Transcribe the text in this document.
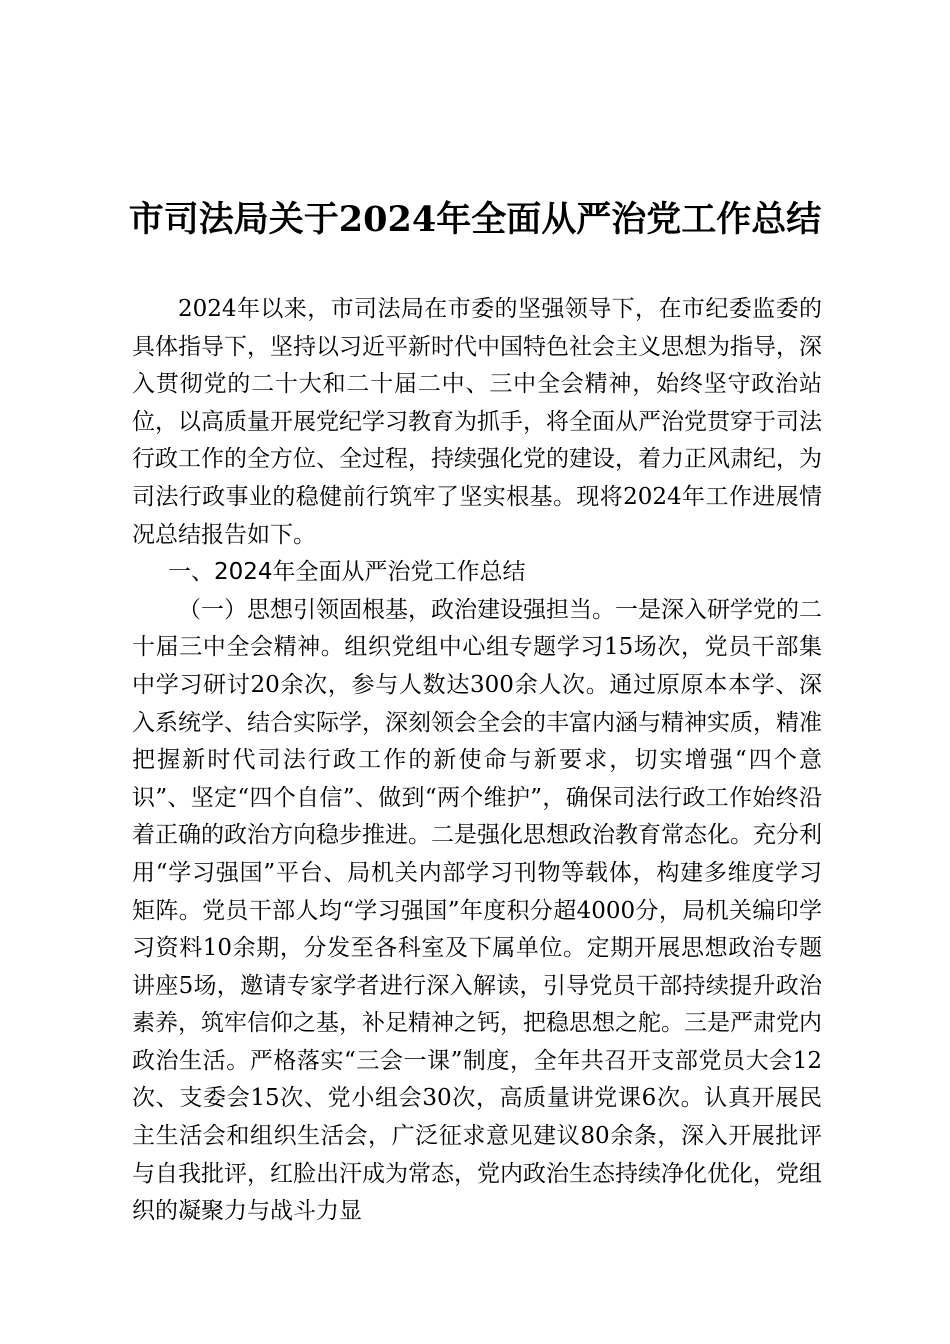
市司法局关于2024年全面从严治党工作总结

2024年以来，市司法局在市委的坚强领导下，在市纪委监委的具体指导下，坚持以习近平新时代中国特色社会主义思想为指导，深入贯彻党的二十大和二十届二中、三中全会精神，始终坚守政治站位，以高质量开展党纪学习教育为抓手，将全面从严治党贯穿于司法行政工作的全方位、全过程，持续强化党的建设，着力正风肃纪，为司法行政事业的稳健前行筑牢了坚实根基。现将2024年工作进展情况总结报告如下。

一、2024年全面从严治党工作总结

（一）思想引领固根基，政治建设强担当。一是深入研学党的二十届三中全会精神。组织党组中心组专题学习15场次，党员干部集中学习研讨20余次，参与人数达300余人次。通过原原本本学、深入系统学、结合实际学，深刻领会全会的丰富内涵与精神实质，精准把握新时代司法行政工作的新使命与新要求，切实增强“四个意识”、坚定“四个自信”、做到“两个维护”，确保司法行政工作始终沿着正确的政治方向稳步推进。二是强化思想政治教育常态化。充分利用“学习强国”平台、局机关内部学习刊物等载体，构建多维度学习矩阵。党员干部人均“学习强国”年度积分超4000分，局机关编印学习资料10余期，分发至各科室及下属单位。定期开展思想政治专题讲座5场，邀请专家学者进行深入解读，引导党员干部持续提升政治素养，筑牢信仰之基，补足精神之钙，把稳思想之舵。三是严肃党内政治生活。严格落实“三会一课”制度，全年共召开支部党员大会12次、支委会15次、党小组会30次，高质量讲党课6次。认真开展民主生活会和组织生活会，广泛征求意见建议80余条，深入开展批评与自我批评，红脸出汗成为常态，党内政治生态持续净化优化，党组织的凝聚力与战斗力显
